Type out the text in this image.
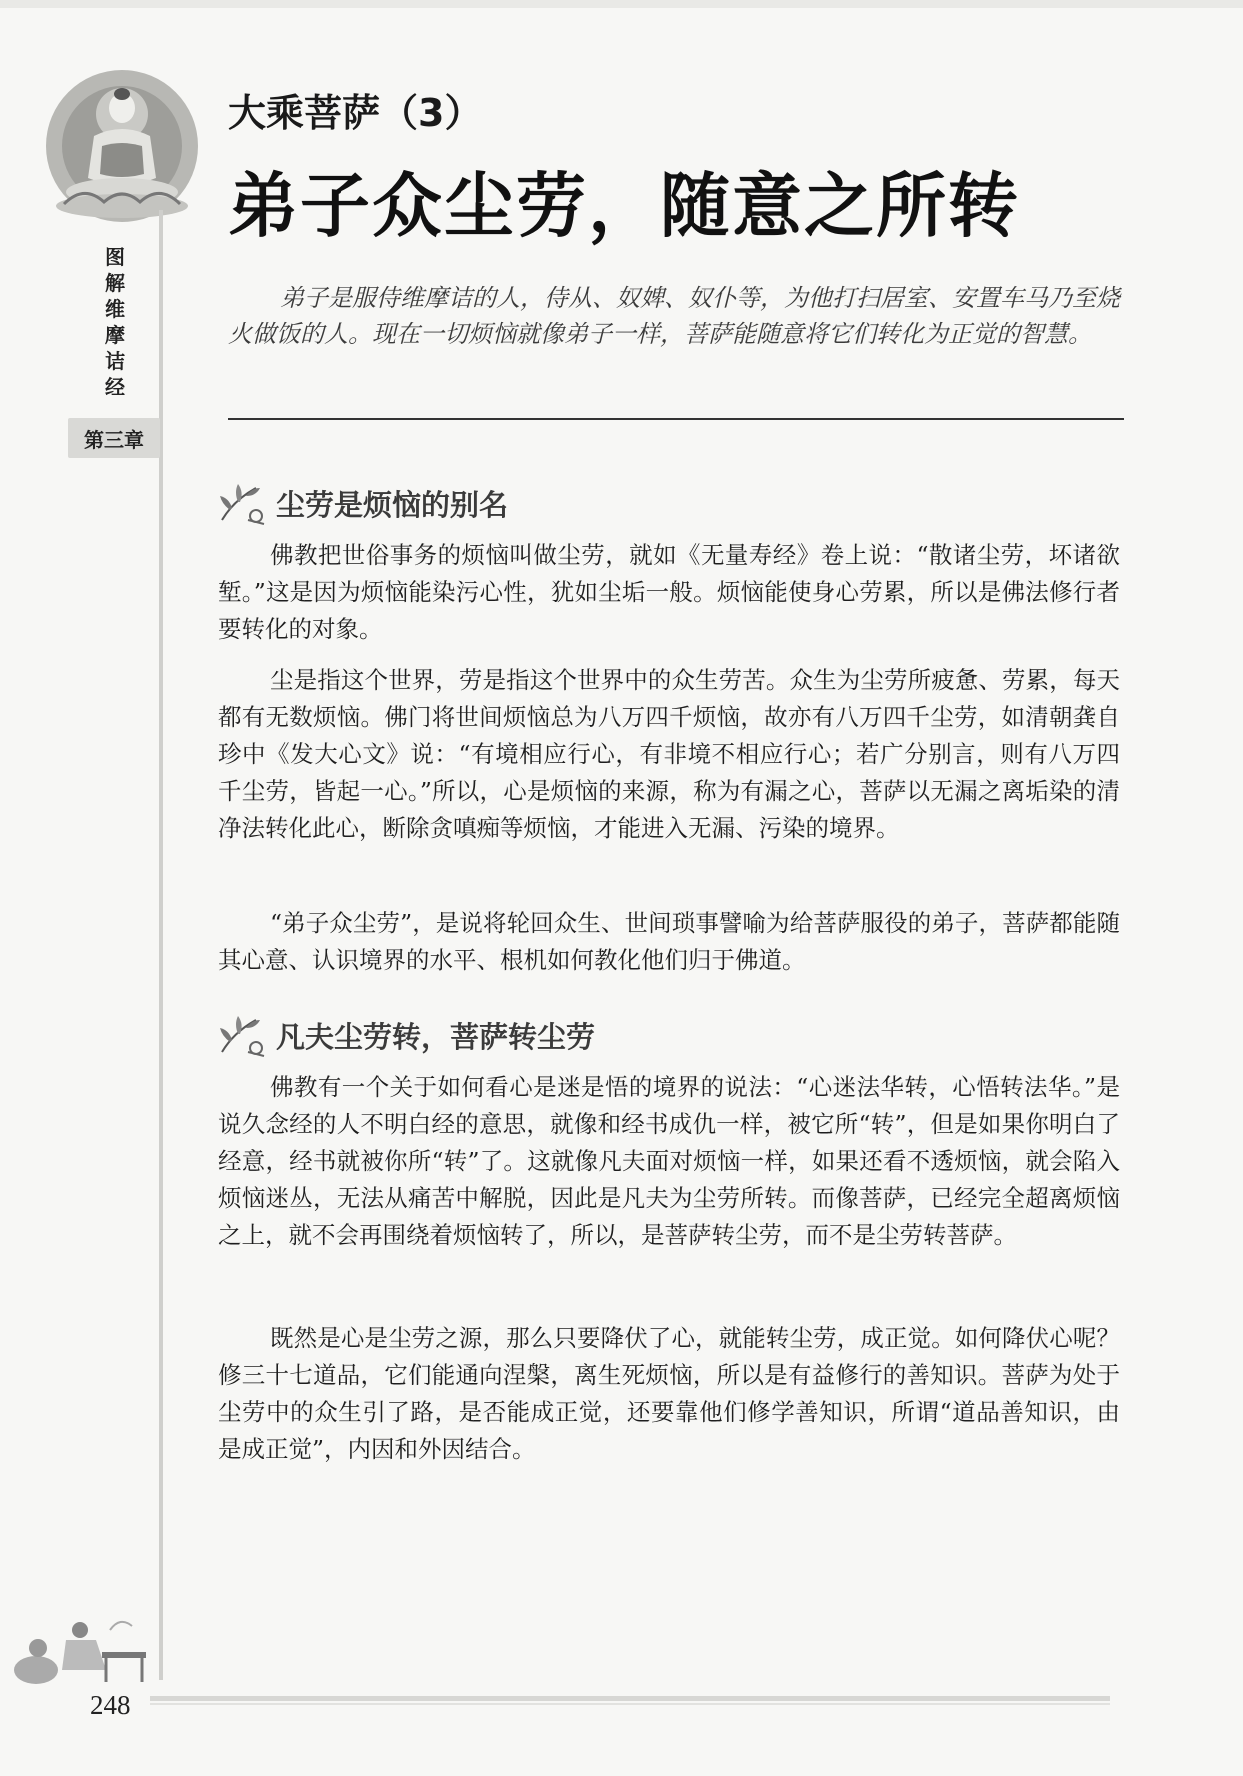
图
解
维
摩
诘
经
第三章
大乘菩萨（3）
弟子众尘劳，随意之所转
弟子是服侍维摩诘的人，侍从、奴婢、奴仆等，为他打扫居室、安置车马乃至烧火做饭的人。现在一切烦恼就像弟子一样，菩萨能随意将它们转化为正觉的智慧。
尘劳是烦恼的别名
佛教把世俗事务的烦恼叫做尘劳，就如《无量寿经》卷上说：“散诸尘劳，坏诸欲堑。”这是因为烦恼能染污心性，犹如尘垢一般。烦恼能使身心劳累，所以是佛法修行者要转化的对象。
尘是指这个世界，劳是指这个世界中的众生劳苦。众生为尘劳所疲惫、劳累，每天都有无数烦恼。佛门将世间烦恼总为八万四千烦恼，故亦有八万四千尘劳，如清朝龚自珍中《发大心文》说：“有境相应行心，有非境不相应行心；若广分别言，则有八万四千尘劳，皆起一心。”所以，心是烦恼的来源，称为有漏之心，菩萨以无漏之离垢染的清净法转化此心，断除贪嗔痴等烦恼，才能进入无漏、污染的境界。
“弟子众尘劳”，是说将轮回众生、世间琐事譬喻为给菩萨服役的弟子，菩萨都能随其心意、认识境界的水平、根机如何教化他们归于佛道。
凡夫尘劳转，菩萨转尘劳
佛教有一个关于如何看心是迷是悟的境界的说法：“心迷法华转，心悟转法华。”是说久念经的人不明白经的意思，就像和经书成仇一样，被它所“转”，但是如果你明白了经意，经书就被你所“转”了。这就像凡夫面对烦恼一样，如果还看不透烦恼，就会陷入烦恼迷丛，无法从痛苦中解脱，因此是凡夫为尘劳所转。而像菩萨，已经完全超离烦恼之上，就不会再围绕着烦恼转了，所以，是菩萨转尘劳，而不是尘劳转菩萨。
既然是心是尘劳之源，那么只要降伏了心，就能转尘劳，成正觉。如何降伏心呢？修三十七道品，它们能通向涅槃，离生死烦恼，所以是有益修行的善知识。菩萨为处于尘劳中的众生引了路，是否能成正觉，还要靠他们修学善知识，所谓“道品善知识，由是成正觉”，内因和外因结合。
248
